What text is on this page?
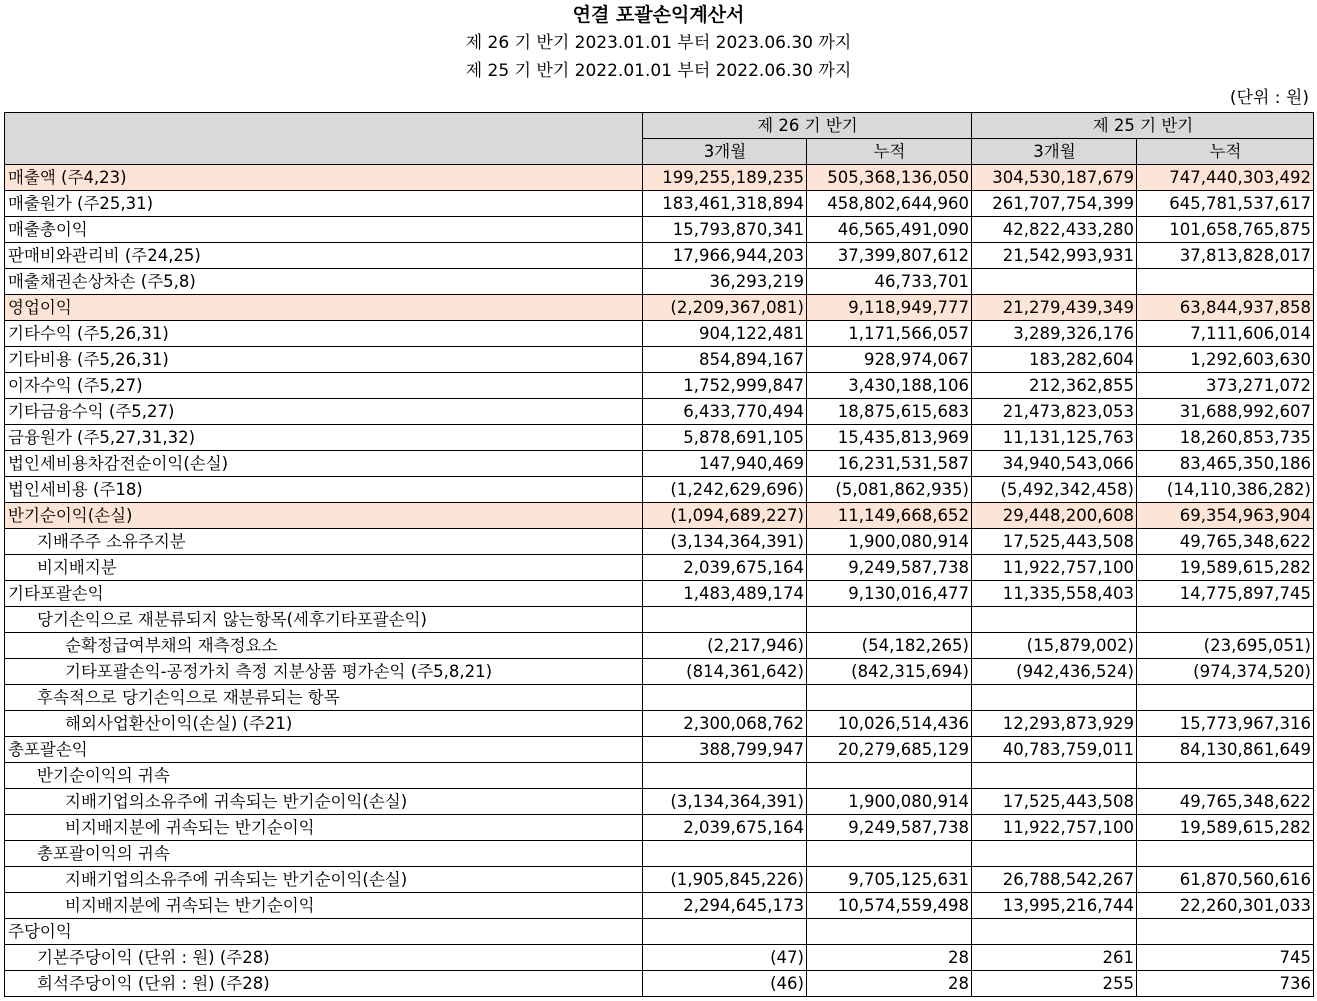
연결 포괄손익계산서
제 26 기 반기 2023.01.01 부터 2023.06.30 까지
제 25 기 반기 2022.01.01 부터 2022.06.30 까지
(단위 : 원)
	제 26 기 반기		제 25 기 반기	
	3개월	누적	3개월	누적
매출액 (주4,23)	199,255,189,235	505,368,136,050	304,530,187,679	747,440,303,492
매출원가 (주25,31)	183,461,318,894	458,802,644,960	261,707,754,399	645,781,537,617
매출총이익	15,793,870,341	46,565,491,090	42,822,433,280	101,658,765,875
판매비와관리비 (주24,25)	17,966,944,203	37,399,807,612	21,542,993,931	37,813,828,017
매출채권손상차손 (주5,8)	36,293,219	46,733,701		
영업이익	(2,209,367,081)	9,118,949,777	21,279,439,349	63,844,937,858
기타수익 (주5,26,31)	904,122,481	1,171,566,057	3,289,326,176	7,111,606,014
기타비용 (주5,26,31)	854,894,167	928,974,067	183,282,604	1,292,603,630
이자수익 (주5,27)	1,752,999,847	3,430,188,106	212,362,855	373,271,072
기타금융수익 (주5,27)	6,433,770,494	18,875,615,683	21,473,823,053	31,688,992,607
금융원가 (주5,27,31,32)	5,878,691,105	15,435,813,969	11,131,125,763	18,260,853,735
법인세비용차감전순이익(손실)	147,940,469	16,231,531,587	34,940,543,066	83,465,350,186
법인세비용 (주18)	(1,242,629,696)	(5,081,862,935)	(5,492,342,458)	(14,110,386,282)
반기순이익(손실)	(1,094,689,227)	11,149,668,652	29,448,200,608	69,354,963,904
지배주주 소유주지분	(3,134,364,391)	1,900,080,914	17,525,443,508	49,765,348,622
비지배지분	2,039,675,164	9,249,587,738	11,922,757,100	19,589,615,282
기타포괄손익	1,483,489,174	9,130,016,477	11,335,558,403	14,775,897,745
당기손익으로 재분류되지 않는항목(세후기타포괄손익)				
순확정급여부채의 재측정요소	(2,217,946)	(54,182,265)	(15,879,002)	(23,695,051)
기타포괄손익-공정가치 측정 지분상품 평가손익 (주5,8,21)	(814,361,642)	(842,315,694)	(942,436,524)	(974,374,520)
후속적으로 당기손익으로 재분류되는 항목				
해외사업환산이익(손실) (주21)	2,300,068,762	10,026,514,436	12,293,873,929	15,773,967,316
총포괄손익	388,799,947	20,279,685,129	40,783,759,011	84,130,861,649
반기순이익의 귀속				
지배기업의소유주에 귀속되는 반기순이익(손실)	(3,134,364,391)	1,900,080,914	17,525,443,508	49,765,348,622
비지배지분에 귀속되는 반기순이익	2,039,675,164	9,249,587,738	11,922,757,100	19,589,615,282
총포괄이익의 귀속				
지배기업의소유주에 귀속되는 반기순이익(손실)	(1,905,845,226)	9,705,125,631	26,788,542,267	61,870,560,616
비지배지분에 귀속되는 반기순이익	2,294,645,173	10,574,559,498	13,995,216,744	22,260,301,033
주당이익				
기본주당이익 (단위 : 원) (주28)	(47)	28	261	745
희석주당이익 (단위 : 원) (주28)	(46)	28	255	736
